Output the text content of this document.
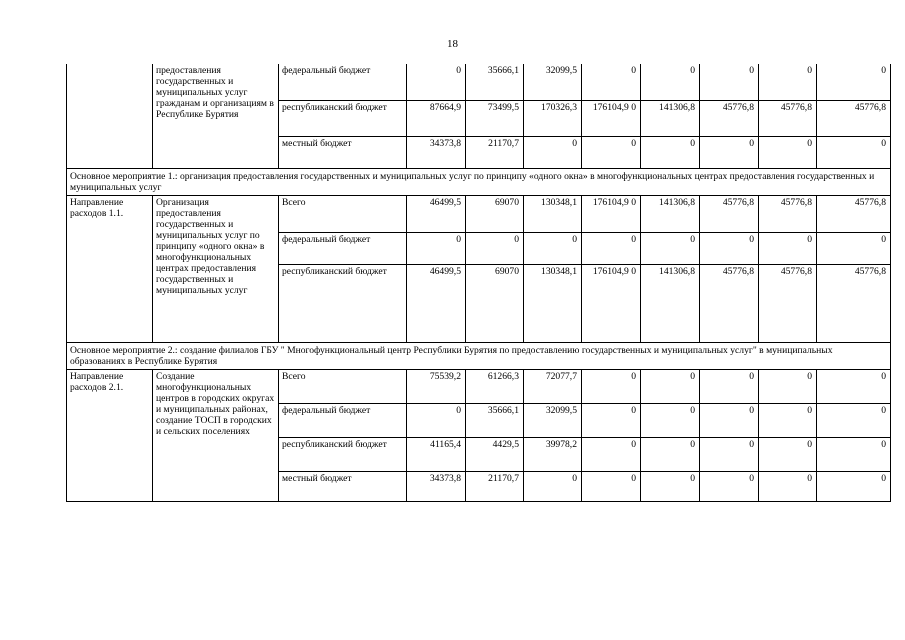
18
	предоставления государственных и муниципальных услуг гражданам и организациям в Республике Бурятия	федеральный бюджет	0	35666,1	32099,5	0	0	0	0	0
		республиканский бюджет	87664,9	73499,5	170326,3	176104,9 0	141306,8	45776,8	45776,8	45776,8
		местный бюджет	34373,8	21170,7	0	0	0	0	0	0
Основное мероприятие 1.: организация предоставления государственных и муниципальных услуг по принципу «одного окна» в многофункциональных центрах предоставления государственных и муниципальных услуг										
Направление расходов 1.1.	Организация предоставления государственных и муниципальных услуг по принципу «одного окна» в многофункциональных центрах предоставления государственных и муниципальных услуг	Всего	46499,5	69070	130348,1	176104,9 0	141306,8	45776,8	45776,8	45776,8
		федеральный бюджет	0	0	0	0	0	0	0	0
		республиканский бюджет	46499,5	69070	130348,1	176104,9 0	141306,8	45776,8	45776,8	45776,8
Основное мероприятие 2.: создание филиалов ГБУ " Многофункциональный центр Республики Бурятия по предоставлению государственных и муниципальных услуг" в муниципальных образованиях в Республике Бурятия										
Направление расходов 2.1.	Создание многофункциональных центров в городских округах и муниципальных районах, создание ТОСП в городских и сельских поселениях	Всего	75539,2	61266,3	72077,7	0	0	0	0	0
		федеральный бюджет	0	35666,1	32099,5	0	0	0	0	0
		республиканский бюджет	41165,4	4429,5	39978,2	0	0	0	0	0
		местный бюджет	34373,8	21170,7	0	0	0	0	0	0
